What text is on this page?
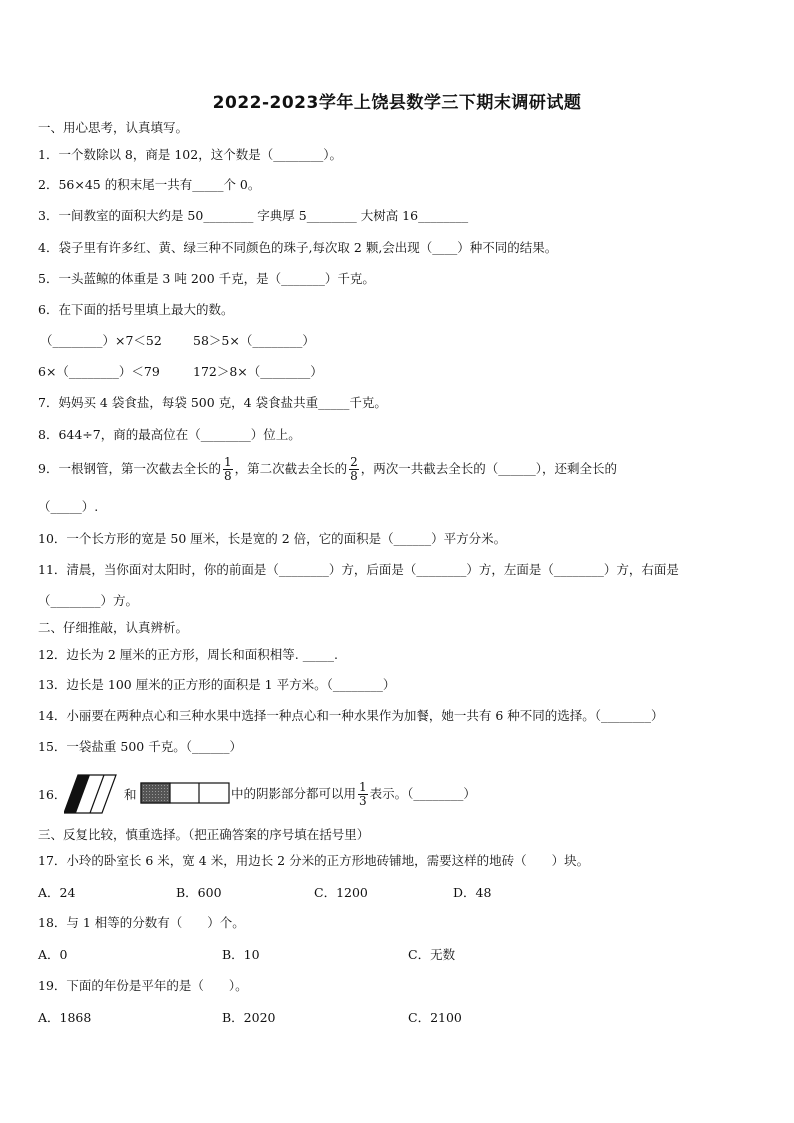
2022-2023学年上饶县数学三下期末调研试题
一、用心思考，认真填写。
1．一个数除以 8，商是 102，这个数是（________）。
2．56×45 的积末尾一共有_____个 0。
3．一间教室的面积大约是 50________ 字典厚 5________ 大树高 16________
4．袋子里有许多红、黄、绿三种不同颜色的珠子,每次取 2 颗,会出现（____）种不同的结果。
5．一头蓝鲸的体重是 3 吨 200 千克，是（_______）千克。
6．在下面的括号里填上最大的数。
（________）×7＜52 58＞5×（________）
6×（________）＜79	172＞8×（________）
7．妈妈买 4 袋食盐，每袋 500 克，4 袋食盐共重_____千克。
8．644÷7，商的最高位在（________）位上。
9．一根钢管，第一次截去全长的 $\frac{1}{8}$ ，第二次截去全长的 $\frac{2}{8}$ ，两次一共截去全长的（______），还剩全长的
（_____）.
10．一个长方形的宽是 50 厘米，长是宽的 2 倍，它的面积是（______）平方分米。
11．清晨，当你面对太阳时，你的前面是（________）方，后面是（________）方，左面是（________）方，右面是
（________）方。
二、仔细推敲，认真辨析。
12．边长为 2 厘米的正方形，周长和面积相等. _____.
13．边长是 100 厘米的正方形的面积是 1 平方米。（________）
14．小丽要在两种点心和三种水果中选择一种点心和一种水果作为加餐，她一共有 6 种不同的选择。（________）
15．一袋盐重 500 千克。（______）
16．	和	中的阴影部分都可以用 $\frac{1}{3}$ 表示。（________）
三、反复比较，慎重选择。（把正确答案的序号填在括号里）
17．小玲的卧室长 6 米，宽 4 米，用边长 2 分米的正方形地砖铺地，需要这样的地砖（　　）块。
A．24	B．600	C．1200	D．48
18．与 1 相等的分数有（　　）个。
A．0	B．10	C．无数
19．下面的年份是平年的是（　　）。
A．1868	B．2020	C．2100
